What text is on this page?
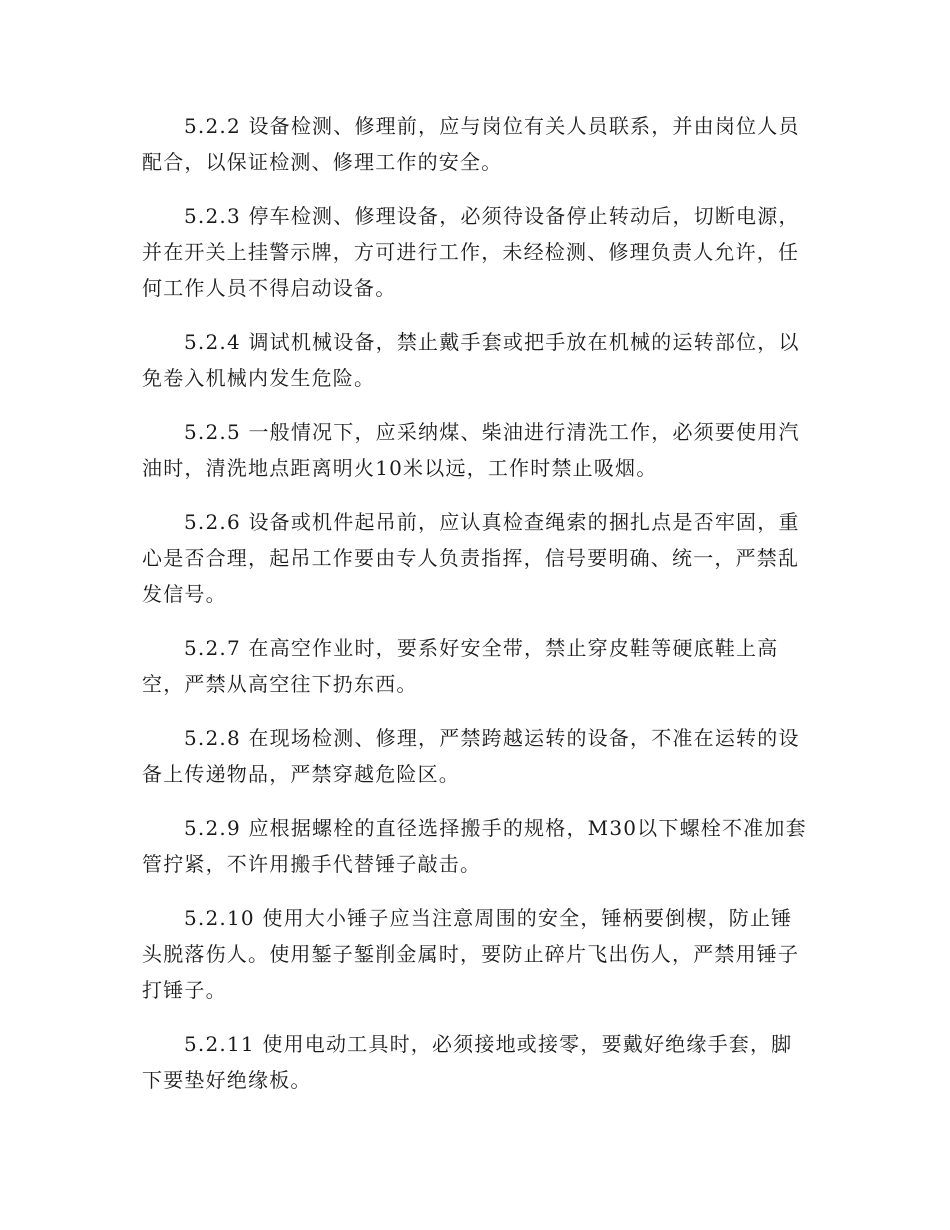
5.2.2 设备检测、修理前，应与岗位有关人员联系，并由岗位人员配合，以保证检测、修理工作的安全。

5.2.3 停车检测、修理设备，必须待设备停止转动后，切断电源，并在开关上挂警示牌，方可进行工作，未经检测、修理负责人允许，任何工作人员不得启动设备。

5.2.4 调试机械设备，禁止戴手套或把手放在机械的运转部位，以免卷入机械内发生危险。

5.2.5 一般情况下，应采纳煤、柴油进行清洗工作，必须要使用汽油时，清洗地点距离明火10米以远，工作时禁止吸烟。

5.2.6 设备或机件起吊前，应认真检查绳索的捆扎点是否牢固，重心是否合理，起吊工作要由专人负责指挥，信号要明确、统一，严禁乱发信号。

5.2.7 在高空作业时，要系好安全带，禁止穿皮鞋等硬底鞋上高空，严禁从高空往下扔东西。

5.2.8 在现场检测、修理，严禁跨越运转的设备，不准在运转的设备上传递物品，严禁穿越危险区。

5.2.9 应根据螺栓的直径选择搬手的规格，M30以下螺栓不准加套管拧紧，不许用搬手代替锤子敲击。

5.2.10 使用大小锤子应当注意周围的安全，锤柄要倒楔，防止锤头脱落伤人。使用錾子錾削金属时，要防止碎片飞出伤人，严禁用锤子打锤子。

5.2.11 使用电动工具时，必须接地或接零，要戴好绝缘手套，脚下要垫好绝缘板。
